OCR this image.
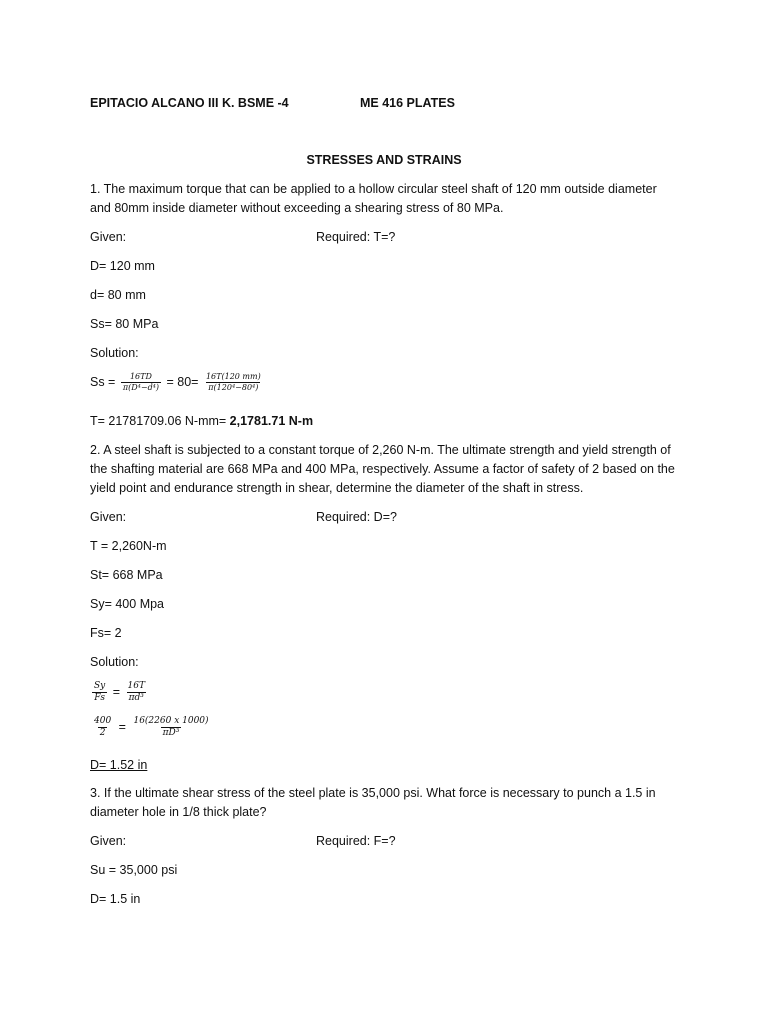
EPITACIO ALCANO III K. BSME -4	ME 416 PLATES
STRESSES AND STRAINS
1. The maximum torque that can be applied to a hollow circular steel shaft of 120 mm outside diameter and 80mm inside diameter without exceeding a shearing stress of 80 MPa.
Given:	Required: T=?
D= 120 mm
d= 80 mm
Ss= 80 MPa
Solution:
$Ss = \frac{16TD}{\text{π(D⁴−d⁴)}} = 80= \frac{16T(120 mm)}{\text{π(120⁴−80⁴)}}$
T= 21781709.06 N-mm= 2,1781.71 N-m
2. A steel shaft is subjected to a constant torque of 2,260 N-m. The ultimate strength and yield strength of the shafting material are 668 MPa and 400 MPa, respectively. Assume a factor of safety of 2 based on the yield point and endurance strength in shear, determine the diameter of the shaft in stress.
Given:	Required: D=?
T = 2,260N-m
St= 668 MPa
Sy= 400 Mpa
Fs= 2
Solution:
$\frac{Sy}{Fs} = \frac{16T}{\text{πd³}}$
$\frac{400}{2} = \frac{16(2260 x 1000)}{\text{πD³}}$
D= 1.52 in
3. If the ultimate shear stress of the steel plate is 35,000 psi. What force is necessary to punch a 1.5 in diameter hole in 1/8 thick plate?
Given:	Required: F=?
Su = 35,000 psi
D= 1.5 in
